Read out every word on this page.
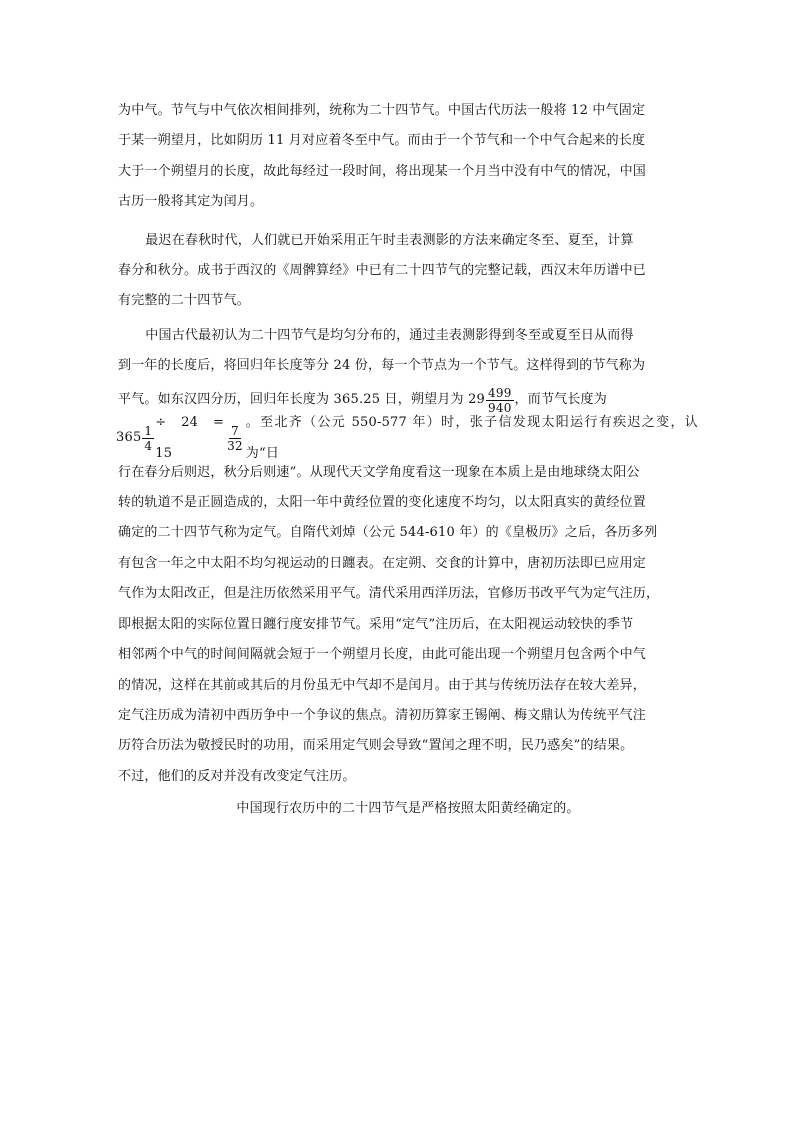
为中气。节气与中气依次相间排列，统称为二十四节气。中国古代历法一般将 12 中气固定
于某一朔望月，比如阴历 11 月对应着冬至中气。而由于一个节气和一个中气合起来的长度
大于一个朔望月的长度，故此每经过一段时间，将出现某一个月当中没有中气的情况，中国
古历一般将其定为闰月。

最迟在春秋时代，人们就已开始采用正午时圭表测影的方法来确定冬至、夏至，计算
春分和秋分。成书于西汉的《周髀算经》中已有二十四节气的完整记载，西汉末年历谱中已
有完整的二十四节气。

中国古代最初认为二十四节气是均匀分布的，通过圭表测影得到冬至或夏至日从而得
到一年的长度后，将回归年长度等分 24 份，每一个节点为一个节气。这样得到的节气称为
平气。如东汉四分历，回归年长度为 365.25 日，朔望月为 $29 \frac{499}{940}$ ，而节气长度为
$365 \frac{1}{4}$
÷ 24 = 15	$\frac{7}{32}$
。至北齐（公元 550-577 年）时，张子信发现太阳运行有疾迟之变，认为“日
行在春分后则迟，秋分后则速”。从现代天文学角度看这一现象在本质上是由地球绕太阳公
转的轨道不是正圆造成的，太阳一年中黄经位置的变化速度不均匀，以太阳真实的黄经位置
确定的二十四节气称为定气。自隋代刘焯（公元 544-610 年）的《皇极历》之后，各历多列
有包含一年之中太阳不均匀视运动的日躔表。在定朔、交食的计算中，唐初历法即已应用定
气作为太阳改正，但是注历依然采用平气。清代采用西洋历法，官修历书改平气为定气注历，
即根据太阳的实际位置日躔行度安排节气。采用“定气”注历后，在太阳视运动较快的季节
相邻两个中气的时间间隔就会短于一个朔望月长度，由此可能出现一个朔望月包含两个中气
的情况，这样在其前或其后的月份虽无中气却不是闰月。由于其与传统历法存在较大差异，
定气注历成为清初中西历争中一个争议的焦点。清初历算家王锡阐、梅文鼎认为传统平气注
历符合历法为敬授民时的功用，而采用定气则会导致“置闰之理不明，民乃惑矣”的结果。
不过，他们的反对并没有改变定气注历。

中国现行农历中的二十四节气是严格按照太阳黄经确定的。
